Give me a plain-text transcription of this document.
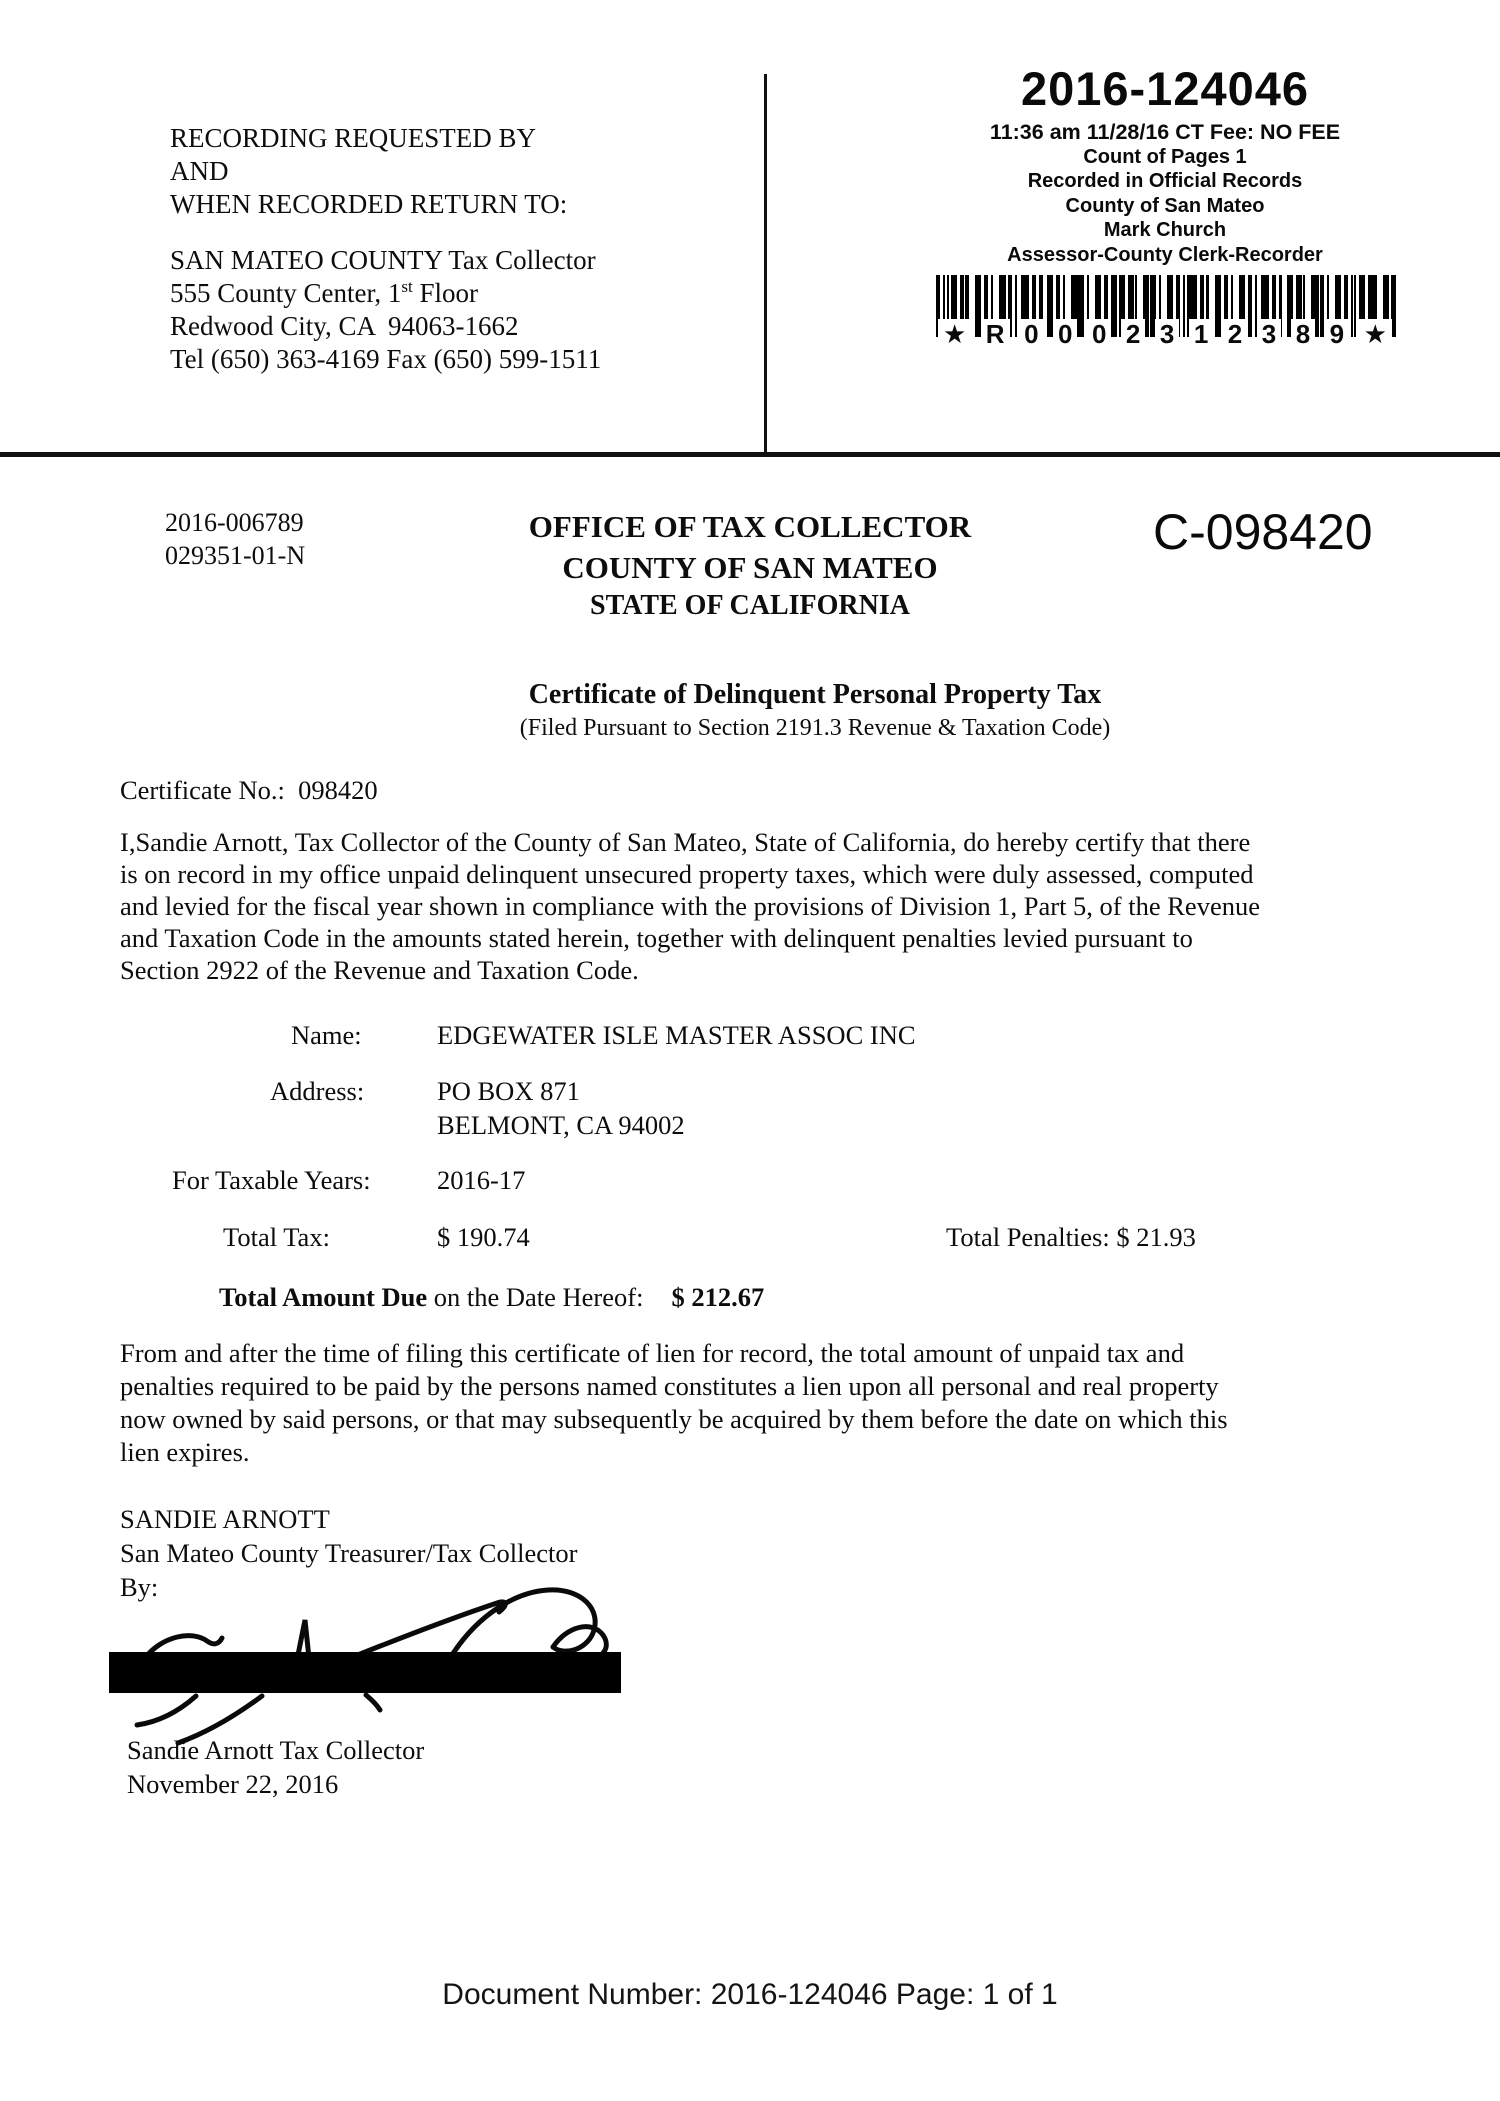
RECORDING REQUESTED BY
AND
WHEN RECORDED RETURN TO:
SAN MATEO COUNTY Tax Collector
555 County Center, 1st Floor
Redwood City, CA  94063-1662
Tel (650) 363-4169 Fax (650) 599-1511
2016-124046
11:36 am 11/28/16 CT Fee: NO FEE
Count of Pages 1
Recorded in Official Records
County of San Mateo
Mark Church
Assessor-County Clerk-Recorder
★ R 0 0 0 2 3 1 2 3 8 9 ★
2016-006789
029351-01-N
OFFICE OF TAX COLLECTOR
COUNTY OF SAN MATEO
STATE OF CALIFORNIA
C-098420
Certificate of Delinquent Personal Property Tax
(Filed Pursuant to Section 2191.3 Revenue & Taxation Code)
Certificate No.:  098420
I,Sandie Arnott, Tax Collector of the County of San Mateo, State of California, do hereby certify that there
is on record in my office unpaid delinquent unsecured property taxes, which were duly assessed, computed
and levied for the fiscal year shown in compliance with the provisions of Division 1, Part 5, of the Revenue
and Taxation Code in the amounts stated herein, together with delinquent penalties levied pursuant to
Section 2922 of the Revenue and Taxation Code.
Name:	EDGEWATER ISLE MASTER ASSOC INC
Address:	PO BOX 871
BELMONT, CA 94002
For Taxable Years:	2016-17
Total Tax:	$ 190.74	Total Penalties: $ 21.93
Total Amount Due on the Date Hereof: $ 212.67
From and after the time of filing this certificate of lien for record, the total amount of unpaid tax and
penalties required to be paid by the persons named constitutes a lien upon all personal and real property
now owned by said persons, or that may subsequently be acquired by them before the date on which this
lien expires.
SANDIE ARNOTT
San Mateo County Treasurer/Tax Collector
By:
Sandie Arnott Tax Collector
November 22, 2016
Document Number: 2016-124046 Page: 1 of 1
